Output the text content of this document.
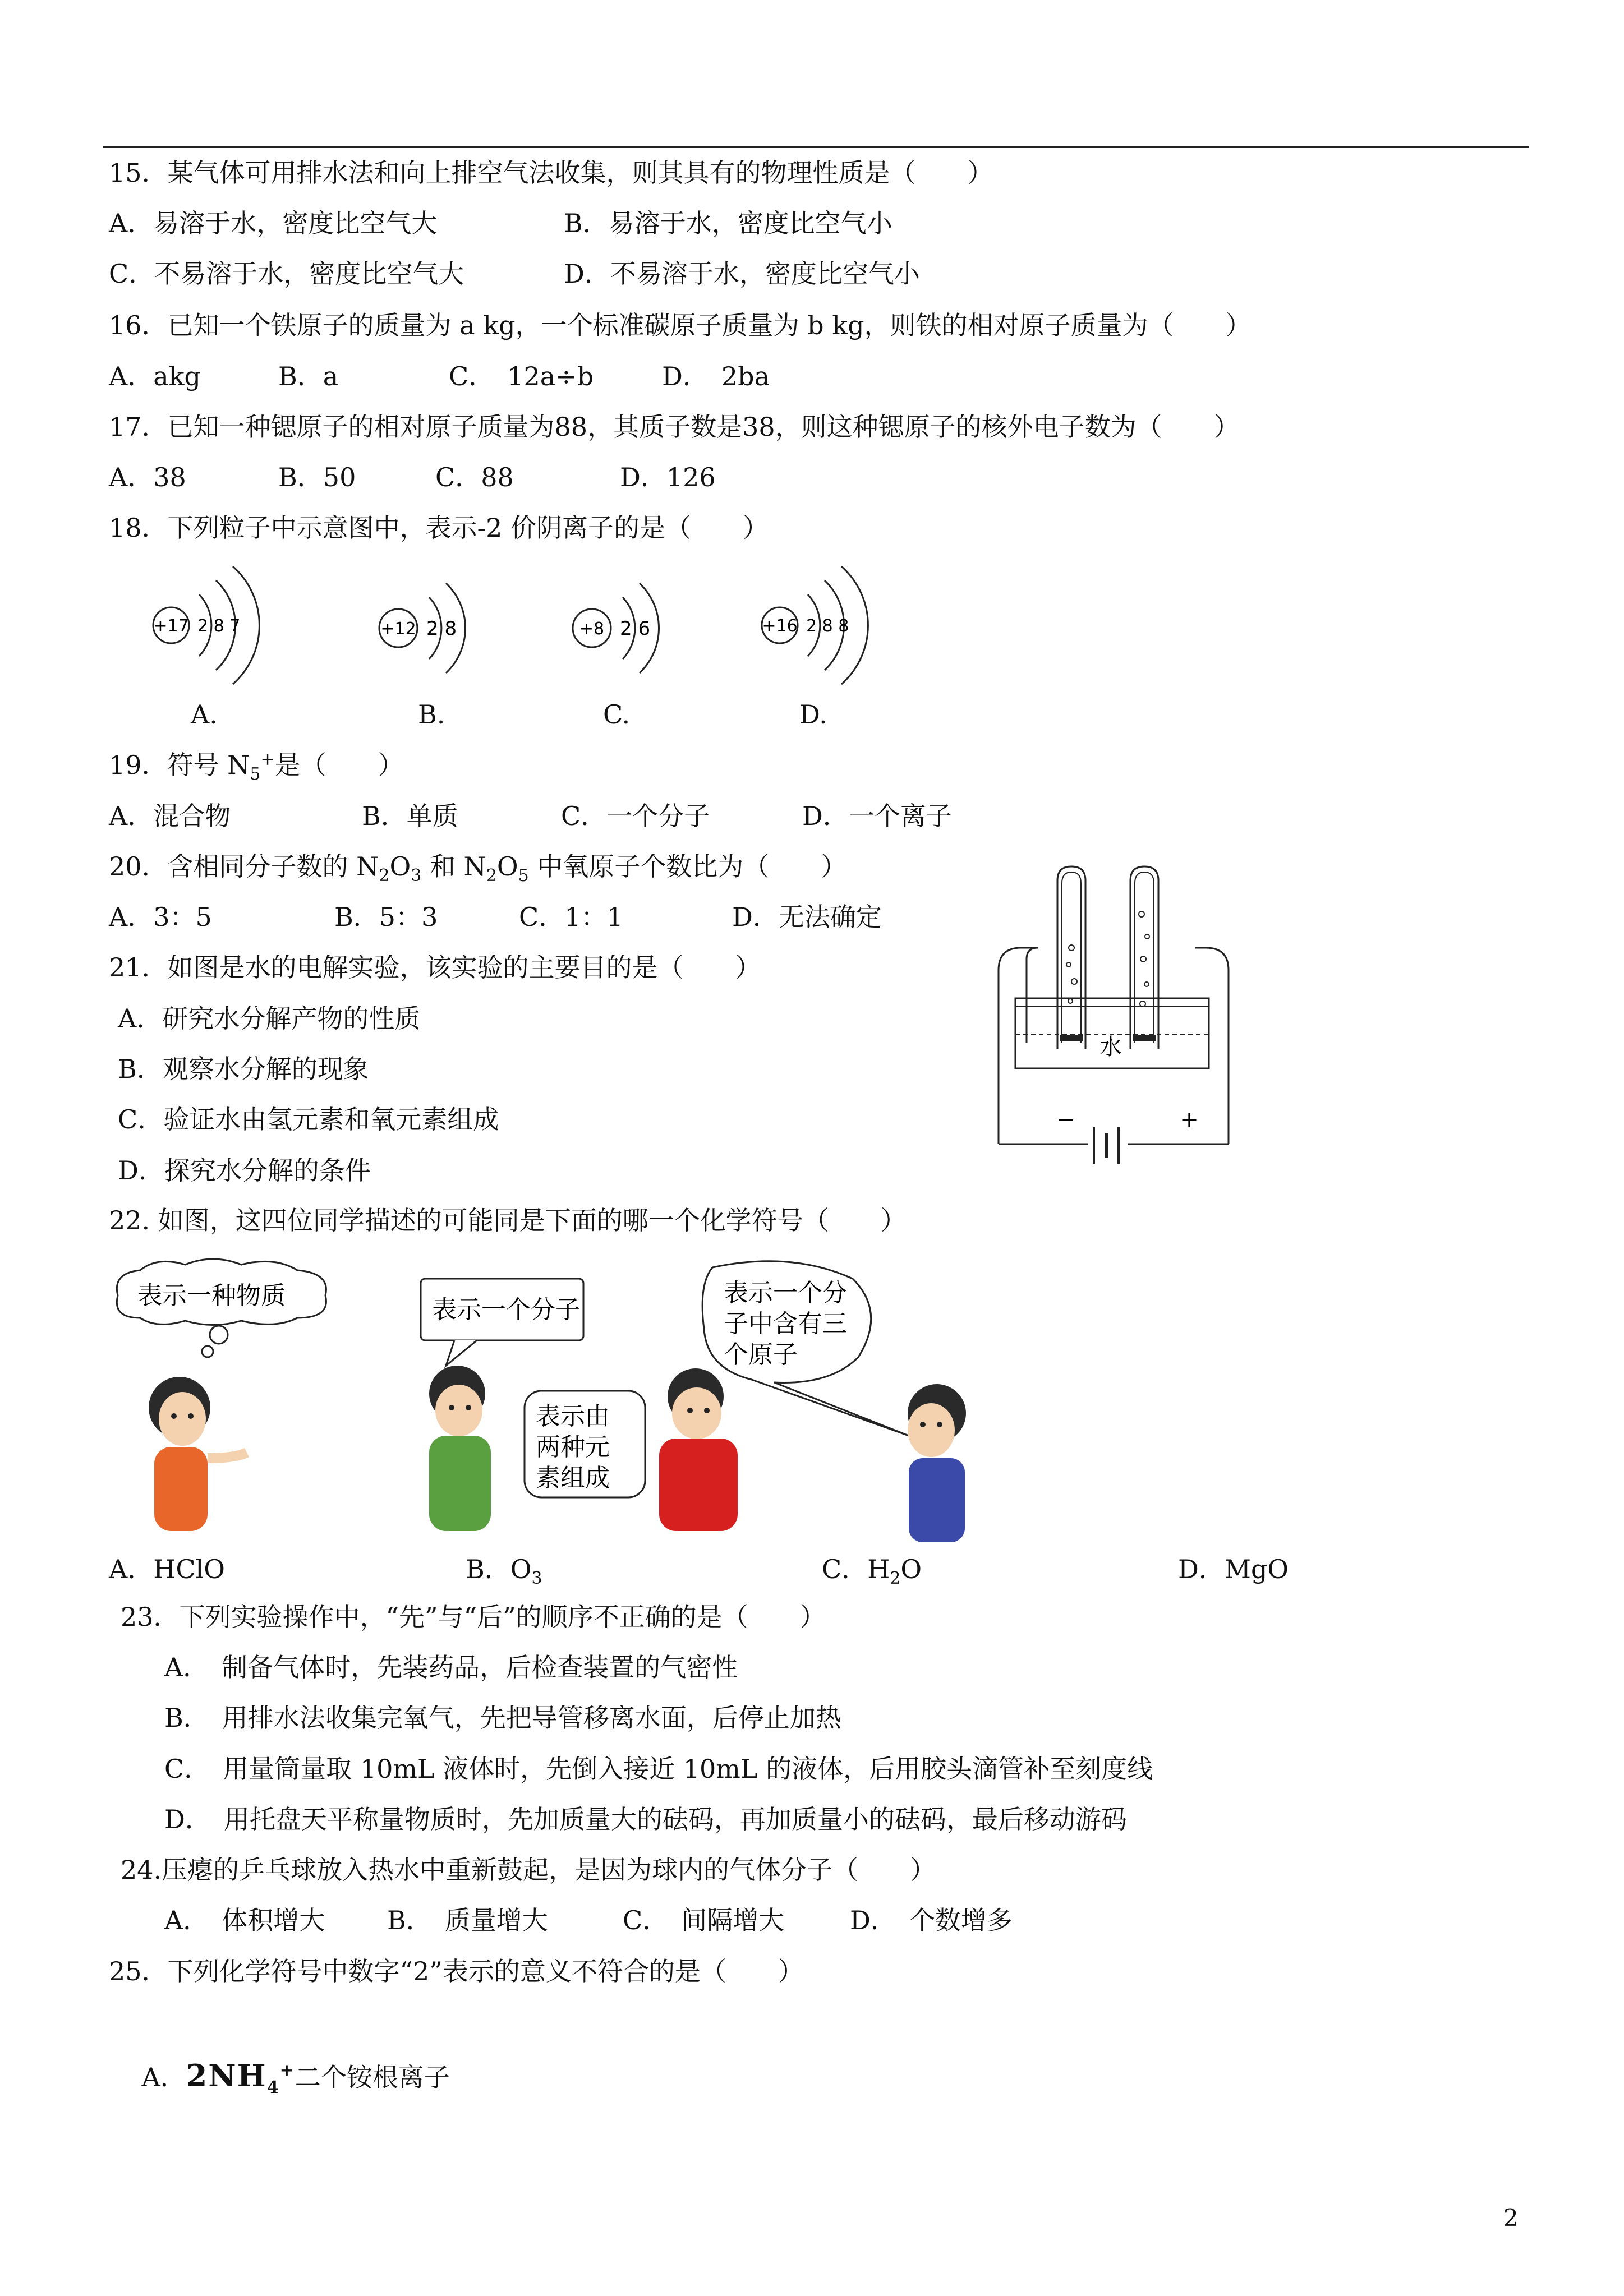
15．某气体可用排水法和向上排空气法收集，则其具有的物理性质是（　　）
A．易溶于水，密度比空气大	B．易溶于水，密度比空气小
C．不易溶于水，密度比空气大	D．不易溶于水，密度比空气小
16．已知一个铁原子的质量为 a kg，一个标准碳原子质量为 b kg，则铁的相对原子质量为（　　）
A．akg	B．a	C．　12a÷b	D．　2ba
17．已知一种锶原子的相对原子质量为88，其质子数是38，则这种锶原子的核外电子数为（　　）
A．38	B．50	C．88	D．126
18．下列粒子中示意图中，表示-2 价阴离子的是（　　）
+17 2 8 7	+12 2 8	+8 2 6	+16 2 8 8
A.	B.	C.	D.
19．符号 $N_5^+$是（　　）
A．混合物	B．单质	C．一个分子	D．一个离子
20．含相同分子数的 $N_2O_3$ 和 $N_2O_5$ 中氧原子个数比为（　　）
A．3：5	B．5：3	C．1：1	D．无法确定
21．如图是水的电解实验，该实验的主要目的是（　　）
A．研究水分解产物的性质
B．观察水分解的现象
C．验证水由氢元素和氧元素组成
D．探究水分解的条件
水
−	+
22. 如图，这四位同学描述的可能同是下面的哪一个化学符号（　　）
表示一种物质	表示一个分子
表示由
两种元
素组成
表示一个分
子中含有三
个原子
A．HClO	B．$O_3$	C．$H_2O$	D．MgO
23．下列实验操作中，“先”与“后”的顺序不正确的是（　　）
A．　制备气体时，先装药品，后检查装置的气密性
B．　用排水法收集完氧气，先把导管移离水面，后停止加热
C．　用量筒量取 10mL 液体时，先倒入接近 10mL 的液体，后用胶头滴管补至刻度线
D．　用托盘天平称量物质时，先加质量大的砝码，再加质量小的砝码，最后移动游码
24.压瘪的乒乓球放入热水中重新鼓起，是因为球内的气体分子（　　）
A．　体积增大 B．　质量增大	C．　间隔增大	D．　个数增多
25．下列化学符号中数字“2”表示的意义不符合的是（　　）

A．$2NH_4^+$二个铵根离子

2
